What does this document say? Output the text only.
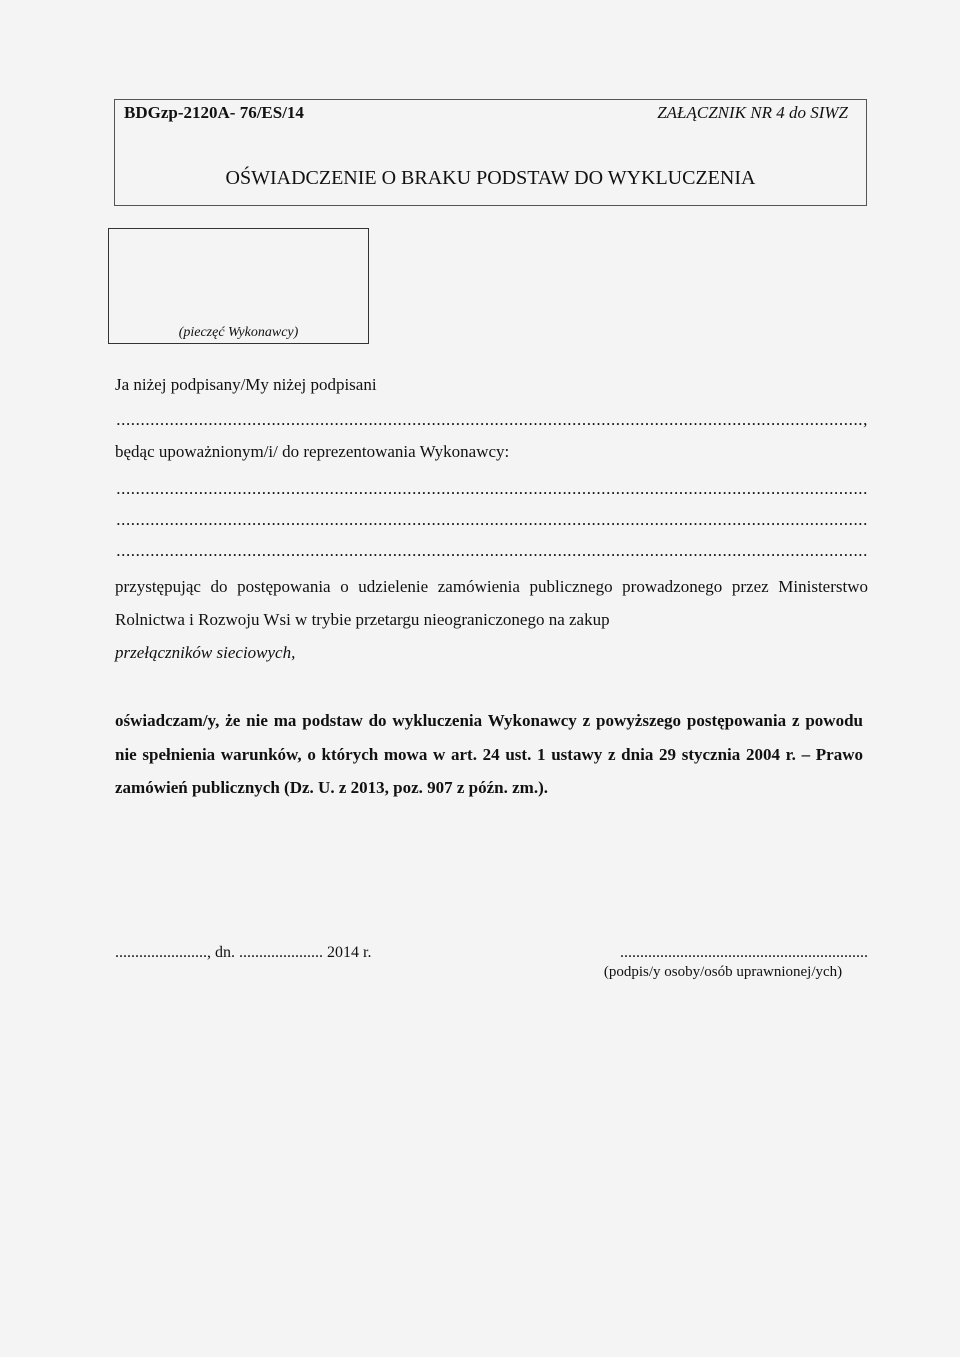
BDGzp-2120A- 76/ES/14	ZAŁĄCZNIK NR 4 do SIWZ
OŚWIADCZENIE O BRAKU PODSTAW DO WYKLUCZENIA
(pieczęć Wykonawcy)
Ja niżej podpisany/My niżej podpisani
..........................................................................................................................................................,
będąc upoważnionym/i/ do reprezentowania Wykonawcy:
...........................................................................................................................................................
...........................................................................................................................................................
...........................................................................................................................................................
przystępując do postępowania o udzielenie zamówienia publicznego prowadzonego przez Ministerstwo Rolnictwa i Rozwoju Wsi w trybie przetargu nieograniczonego na zakup
przełączników sieciowych,
oświadczam/y, że nie ma podstaw do wykluczenia Wykonawcy z powyższego postępowania z powodu nie spełnienia warunków, o których mowa w art. 24 ust. 1 ustawy z dnia 29 stycznia 2004 r. – Prawo zamówień publicznych (Dz. U. z 2013, poz. 907 z późn. zm.).
......................., dn. ..................... 2014 r.	..............................................................
(podpis/y osoby/osób uprawnionej/ych)
